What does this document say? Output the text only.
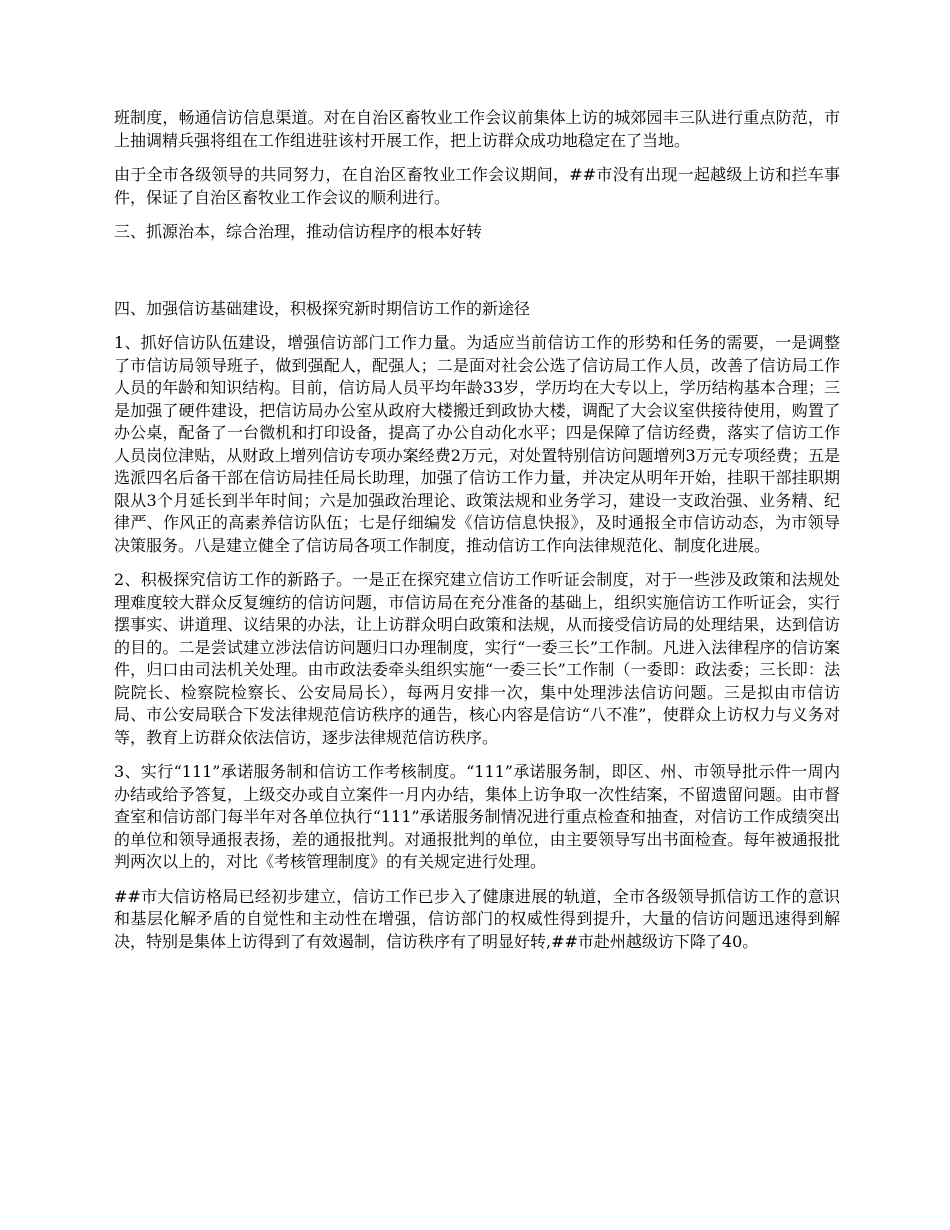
班制度，畅通信访信息渠道。对在自治区畜牧业工作会议前集体上访的城郊园丰三队进行重点防范，市上抽调精兵强将组在工作组进驻该村开展工作，把上访群众成功地稳定在了当地。

由于全市各级领导的共同努力，在自治区畜牧业工作会议期间，##市没有出现一起越级上访和拦车事件，保证了自治区畜牧业工作会议的顺利进行。

三、抓源治本，综合治理，推动信访程序的根本好转

四、加强信访基础建设，积极探究新时期信访工作的新途径

1、抓好信访队伍建设，增强信访部门工作力量。为适应当前信访工作的形势和任务的需要，一是调整了市信访局领导班子，做到强配人，配强人；二是面对社会公选了信访局工作人员，改善了信访局工作人员的年龄和知识结构。目前，信访局人员平均年龄33岁，学历均在大专以上，学历结构基本合理；三是加强了硬件建设，把信访局办公室从政府大楼搬迁到政协大楼，调配了大会议室供接待使用，购置了办公桌，配备了一台微机和打印设备，提高了办公自动化水平；四是保障了信访经费，落实了信访工作人员岗位津贴，从财政上增列信访专项办案经费2万元，对处置特别信访问题增列3万元专项经费；五是选派四名后备干部在信访局挂任局长助理，加强了信访工作力量，并决定从明年开始，挂职干部挂职期限从3个月延长到半年时间；六是加强政治理论、政策法规和业务学习，建设一支政治强、业务精、纪律严、作风正的高素养信访队伍；七是仔细编发《信访信息快报》，及时通报全市信访动态，为市领导决策服务。八是建立健全了信访局各项工作制度，推动信访工作向法律规范化、制度化进展。

2、积极探究信访工作的新路子。一是正在探究建立信访工作听证会制度，对于一些涉及政策和法规处理难度较大群众反复缠纺的信访问题，市信访局在充分准备的基础上，组织实施信访工作听证会，实行摆事实、讲道理、议结果的办法，让上访群众明白政策和法规，从而接受信访局的处理结果，达到信访的目的。二是尝试建立涉法信访问题归口办理制度，实行“一委三长”工作制。凡进入法律程序的信访案件，归口由司法机关处理。由市政法委牵头组织实施“一委三长”工作制（一委即：政法委；三长即：法院院长、检察院检察长、公安局局长），每两月安排一次，集中处理涉法信访问题。三是拟由市信访局、市公安局联合下发法律规范信访秩序的通告，核心内容是信访“八不准”，使群众上访权力与义务对等，教育上访群众依法信访，逐步法律规范信访秩序。

3、实行“111”承诺服务制和信访工作考核制度。“111”承诺服务制，即区、州、市领导批示件一周内办结或给予答复，上级交办或自立案件一月内办结，集体上访争取一次性结案，不留遗留问题。由市督查室和信访部门每半年对各单位执行“111”承诺服务制情况进行重点检查和抽查，对信访工作成绩突出的单位和领导通报表扬，差的通报批判。对通报批判的单位，由主要领导写出书面检查。每年被通报批判两次以上的，对比《考核管理制度》的有关规定进行处理。

##市大信访格局已经初步建立，信访工作已步入了健康进展的轨道，全市各级领导抓信访工作的意识和基层化解矛盾的自觉性和主动性在增强，信访部门的权威性得到提升，大量的信访问题迅速得到解决，特别是集体上访得到了有效遏制，信访秩序有了明显好转,##市赴州越级访下降了40。
